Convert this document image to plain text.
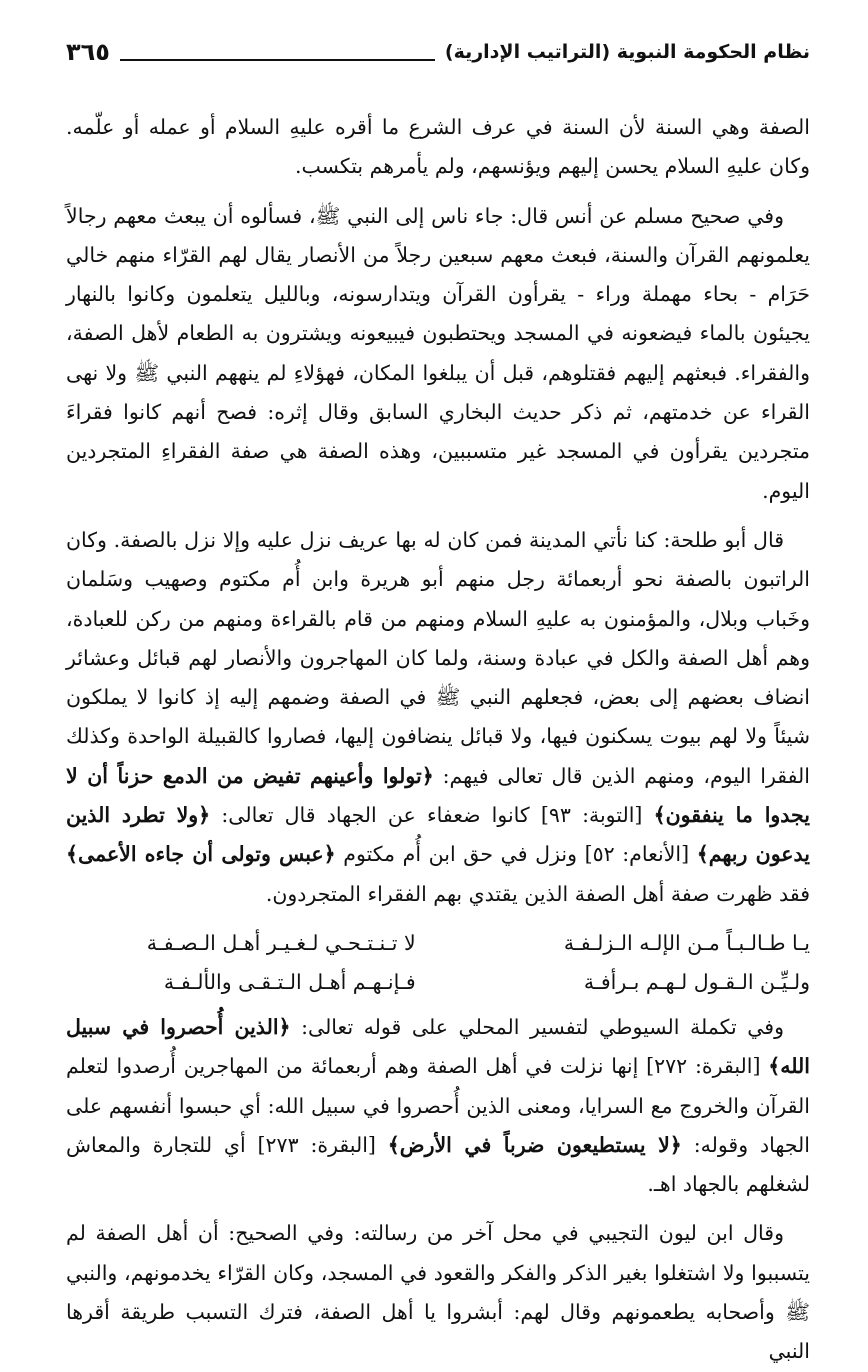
نظام الحكومة النبوية (التراتيب الإدارية)
٣٦٥

الصفة وهي السنة لأن السنة في عرف الشرع ما أقره عليهِ السلام أو عمله أو علّمه. وكان عليهِ السلام يحسن إليهم ويؤنسهم، ولم يأمرهم بتكسب.

وفي صحيح مسلم عن أنس قال: جاء ناس إلى النبي ﷺ، فسألوه أن يبعث معهم رجالاً يعلمونهم القرآن والسنة، فبعث معهم سبعين رجلاً من الأنصار يقال لهم القرّاء منهم خالي حَرَام - بحاء مهملة وراء - يقرأون القرآن ويتدارسونه، وبالليل يتعلمون وكانوا بالنهار يجيئون بالماء فيضعونه في المسجد ويحتطبون فيبيعونه ويشترون به الطعام لأهل الصفة، والفقراء. فبعثهم إليهم فقتلوهم، قبل أن يبلغوا المكان، فهؤلاءِ لم ينههم النبي ﷺ ولا نهى القراء عن خدمتهم، ثم ذكر حديث البخاري السابق وقال إثره: فصح أنهم كانوا فقراءَ متجردين يقرأون في المسجد غير متسببين، وهذه الصفة هي صفة الفقراءِ المتجردين اليوم.

قال أبو طلحة: كنا نأتي المدينة فمن كان له بها عريف نزل عليه وإلا نزل بالصفة. وكان الراتبون بالصفة نحو أربعمائة رجل منهم أبو هريرة وابن أُم مكتوم وصهيب وسَلمان وخَباب وبلال، والمؤمنون به عليهِ السلام ومنهم من قام بالقراءة ومنهم من ركن للعبادة، وهم أهل الصفة والكل في عبادة وسنة، ولما كان المهاجرون والأنصار لهم قبائل وعشائر انضاف بعضهم إلى بعض، فجعلهم النبي ﷺ في الصفة وضمهم إليه إذ كانوا لا يملكون شيئاً ولا لهم بيوت يسكنون فيها، ولا قبائل ينضافون إليها، فصاروا كالقبيلة الواحدة وكذلك الفقرا اليوم، ومنهم الذين قال تعالى فيهم: ﴿تولوا وأعينهم تفيض من الدمع حزناً أن لا يجدوا ما ينفقون﴾ [التوبة: ٩٣] كانوا ضعفاء عن الجهاد قال تعالى: ﴿ولا تطرد الذين يدعون ربهم﴾ [الأنعام: ٥٢] ونزل في حق ابن أُم مكتوم ﴿عبس وتولى أن جاءه الأعمى﴾ فقد ظهرت صفة أهل الصفة الذين يقتدي بهم الفقراء المتجردون.

يـا طـالـبـاً مـن الإلـه الـزلـفـة
لا تـنـتـحـي لـغـيـر أهـل الـصـفـة
ولـيِّـن الـقـول لـهـم بـرأفـة
فـإنـهـم أهـل الـتـقـى والألـفـة

وفي تكملة السيوطي لتفسير المحلي على قوله تعالى: ﴿الذين أُحصروا في سبيل الله﴾ [البقرة: ٢٧٢] إنها نزلت في أهل الصفة وهم أربعمائة من المهاجرين أُرصدوا لتعلم القرآن والخروج مع السرايا، ومعنى الذين أُحصروا في سبيل الله: أي حبسوا أنفسهم على الجهاد وقوله: ﴿لا يستطيعون ضرباً في الأرض﴾ [البقرة: ٢٧٣] أي للتجارة والمعاش لشغلهم بالجهاد اهـ.

وقال ابن ليون التجيبي في محل آخر من رسالته: وفي الصحيح: أن أهل الصفة لم يتسببوا ولا اشتغلوا بغير الذكر والفكر والقعود في المسجد، وكان القرّاء يخدمونهم، والنبي ﷺ وأصحابه يطعمونهم وقال لهم: أبشروا يا أهل الصفة، فترك التسبب طريقة أقرها النبي
